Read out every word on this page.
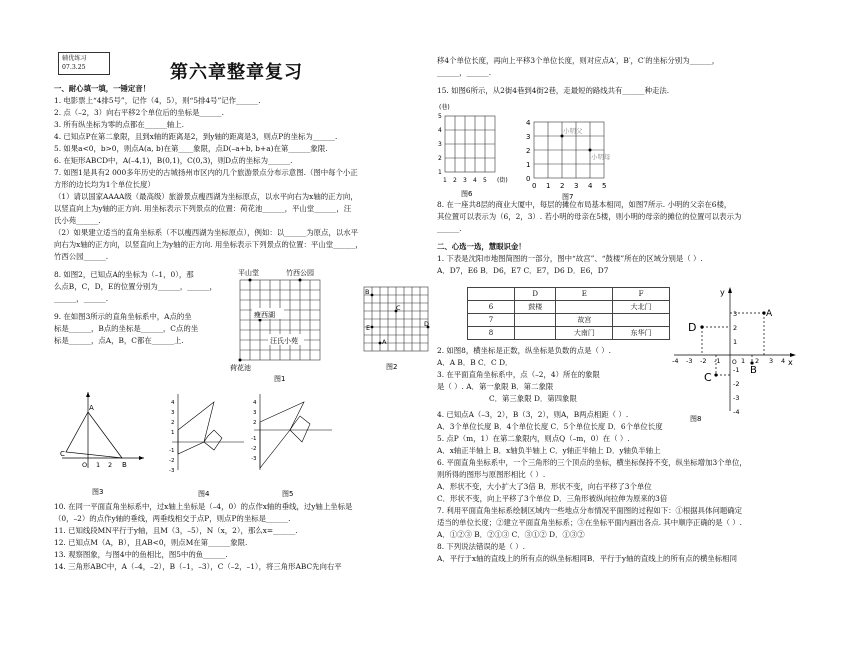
辅优练习
07.3.25	第六章整章复习
一、耐心填一填，一锤定音！
1. 电影票上“4排5号”，记作（4，5），则“5排4号”记作______.
2. 点（–2，3）向右平移2个单位后的坐标是______.
3. 所有纵坐标为零的点都在______轴上.
4. 已知点P在第二象限，且到x轴的距离是2，到y轴的距离是3，则点P的坐标为______.
5. 如果a<0，b>0，则点A(a, b)在第____象限，点D(–a+b, b+a)在第______象限.
6. 在矩形ABCD中，A(–4,1)，B(0,1)，C(0,3)，则D点的坐标为______.
7. 如图1是具有2 000多年历史的古城扬州市区内的几个旅游景点分布示意图.（图中每个小正
方形的边长均为1个单位长度）
（1）请以国家AAAA级（最高级）旅游景点瘦西湖为坐标原点，以水平向右为x轴的正方向，
以竖直向上为y轴的正方向. 用坐标表示下列景点的位置：荷花池______，平山堂______，汪
氏小苑______.
（2）如果建立适当的直角坐标系（不以瘦西湖为坐标原点），例如：以______为原点，以水平
向右为x轴的正方向，以竖直向上为y轴的正方向. 用坐标表示下列景点的位置：平山堂______，
竹西公园______.
8. 如图2，已知点A的坐标为（–1，0），那
么点B，C，D，E的位置分别为______，______，
______，______.
9. 在如图3所示的直角坐标系中，A点的坐
标是______，B点的坐标是______，C点的坐
标是______，点A，B，C都在______上.
10. 在同一平面直角坐标系中，过x轴上坐标是（–4，0）的点作x轴的垂线，过y轴上坐标是
（0，–2）的点作y轴的垂线，两垂线相交于点P，则点P的坐标是______.
11. 已知线段MN平行于y轴，且M（3，–5），N（x，2），那么x=______.
12. 已知点M（A，B），且AB<0，则点M在第______象限.
13. 观察图象，与图4中的鱼相比，图5中的鱼______.
14. 三角形ABC中，A（–4，–2），B（–1，–3），C（–2，–1），将三角形ABC先向右平
平山堂	竹西公园
瘦西湖
汪氏小苑
荷花池
图1
B
C
E	D
A
图2
A
C
O 1 2 B
图3
4
3
2
1
-1
-2
-3
图4
4
3
2
-1
-2
-3
图5
移4个单位长度，再向上平移3个单位长度，则对应点A′，B′，C′的坐标分别为______，
______，______.
15. 如图6所示，从2街4巷到4街2巷，走最短的路线共有______种走法.
8. 在一座共8层的商业大厦中，每层的摊位布局基本相同，如图7所示. 小明的父亲在6楼，
其位置可以表示为（6，2，3）. 若小明的母亲在5楼，则小明的母亲的摊位的位置可以表示为
______.
二、心选一选，慧眼识金！
1. 下表是沈阳市地图简图的一部分，图中“故宫”、“鼓楼”所在的区域分别是（ ）.
A．D7，E6 B．D6，E7 C．E7，D6 D．E6，D7
2. 如图8，横坐标是正数，纵坐标是负数的点是（ ）.
A．A B．B C．C D．
3. 在平面直角坐标系中，点（–2，4）所在的象限
是（ ）. A．第一象限 B．第二象限
C．第三象限 D．第四象限
4. 已知点A（–3，2），B（3，2），则A，B两点相距（ ）.
A．3个单位长度 B．4个单位长度 C．5个单位长度 D．6个单位长度
5. 点P（m，1）在第二象限内，则点Q（–m，0）在（ ）.
A．x轴正半轴上 B．x轴负半轴上 C．y轴正半轴上 D．y轴负半轴上
6. 平面直角坐标系中，一个三角形的三个顶点的坐标，横坐标保持不变，纵坐标增加3个单位，
则所得的图形与原图形相比（ ）.
A．形状不变，大小扩大了3倍 B．形状不变，向右平移了3个单位
C．形状不变，向上平移了3个单位 D．三角形被纵向拉伸为原来的3倍
7. 利用平面直角坐标系绘制区域内一些地点分布情况平面图的过程如下：①根据具体问题确定
适当的单位长度；②建立平面直角坐标系；③在坐标平面内画出各点. 其中顺序正确的是（ ）.
A．①②③ B．②①③ C．③①② D．①③②
8. 下列说法错误的是（ ）.
A．平行于x轴的直线上的所有点的纵坐标相同B．平行于y轴的直线上的所有点的横坐标相同
(巷)
5
4
3
2
1
1 2 3 4 5 (街)
图6
小明父
小明母
4
3
2
1
0
0 1 2 3 4 5
图7
	D	E	F
6	鼓楼		大北门
7		故宫	
8		大南门	东华门
A
D
C
B
x
y
O
-4 -3 -2 -1	1 2 3 4
3
2
1
-1
-2
-3
-4
图8
